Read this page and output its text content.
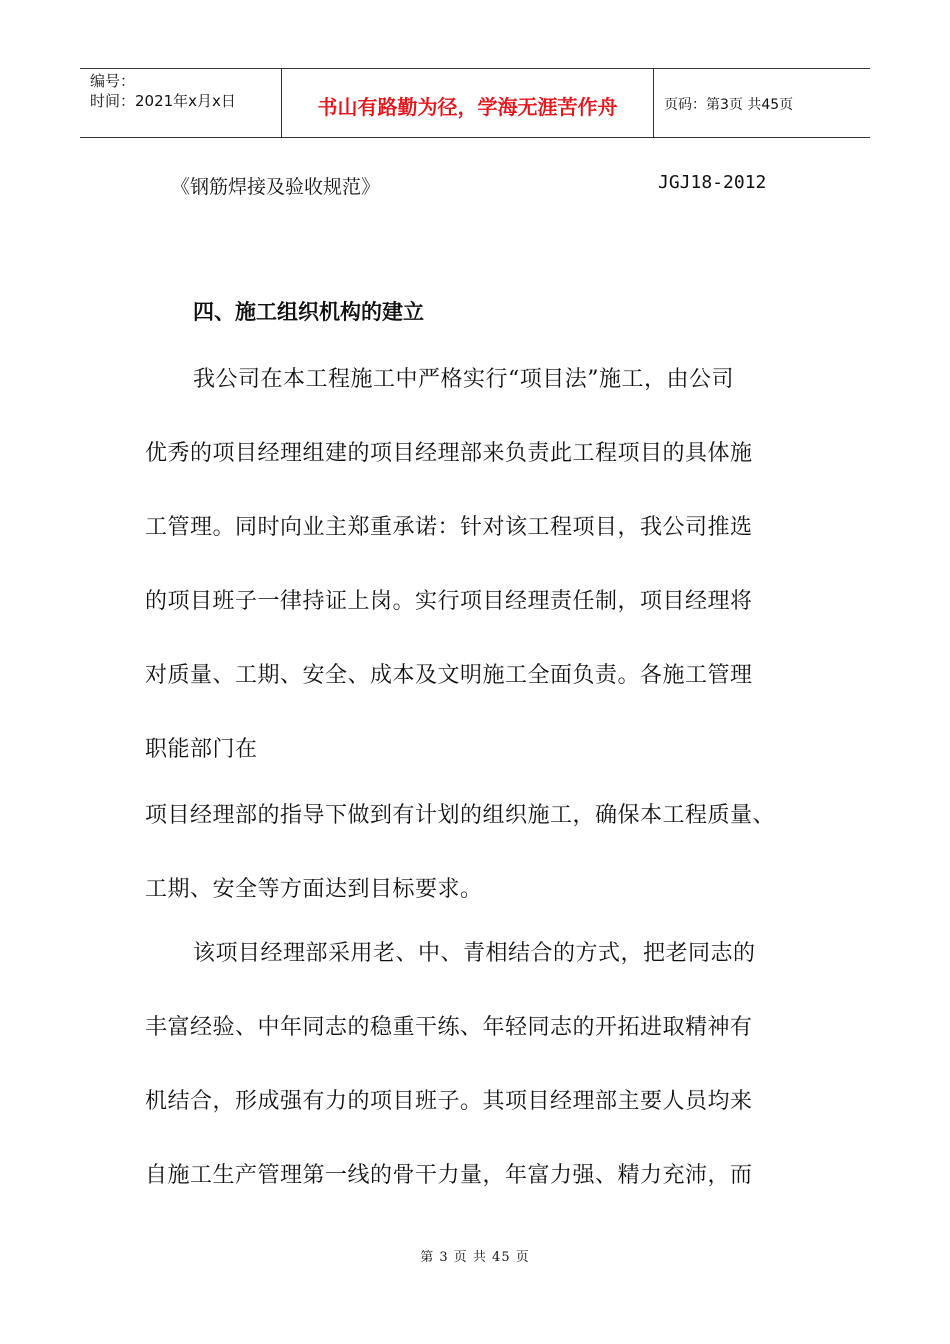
编号：
时间：2021年x月x日	书山有路勤为径，学海无涯苦作舟	页码：第3页 共45页
《钢筋焊接及验收规范》	JGJ18-2012
四、施工组织机构的建立
我公司在本工程施工中严格实行“项目法”施工，由公司
优秀的项目经理组建的项目经理部来负责此工程项目的具体施
工管理。同时向业主郑重承诺：针对该工程项目，我公司推选
的项目班子一律持证上岗。实行项目经理责任制，项目经理将
对质量、工期、安全、成本及文明施工全面负责。各施工管理
职能部门在
项目经理部的指导下做到有计划的组织施工，确保本工程质量、
工期、安全等方面达到目标要求。
该项目经理部采用老、中、青相结合的方式，把老同志的
丰富经验、中年同志的稳重干练、年轻同志的开拓进取精神有
机结合，形成强有力的项目班子。其项目经理部主要人员均来
自施工生产管理第一线的骨干力量，年富力强、精力充沛，而
第 3 页 共 45 页
